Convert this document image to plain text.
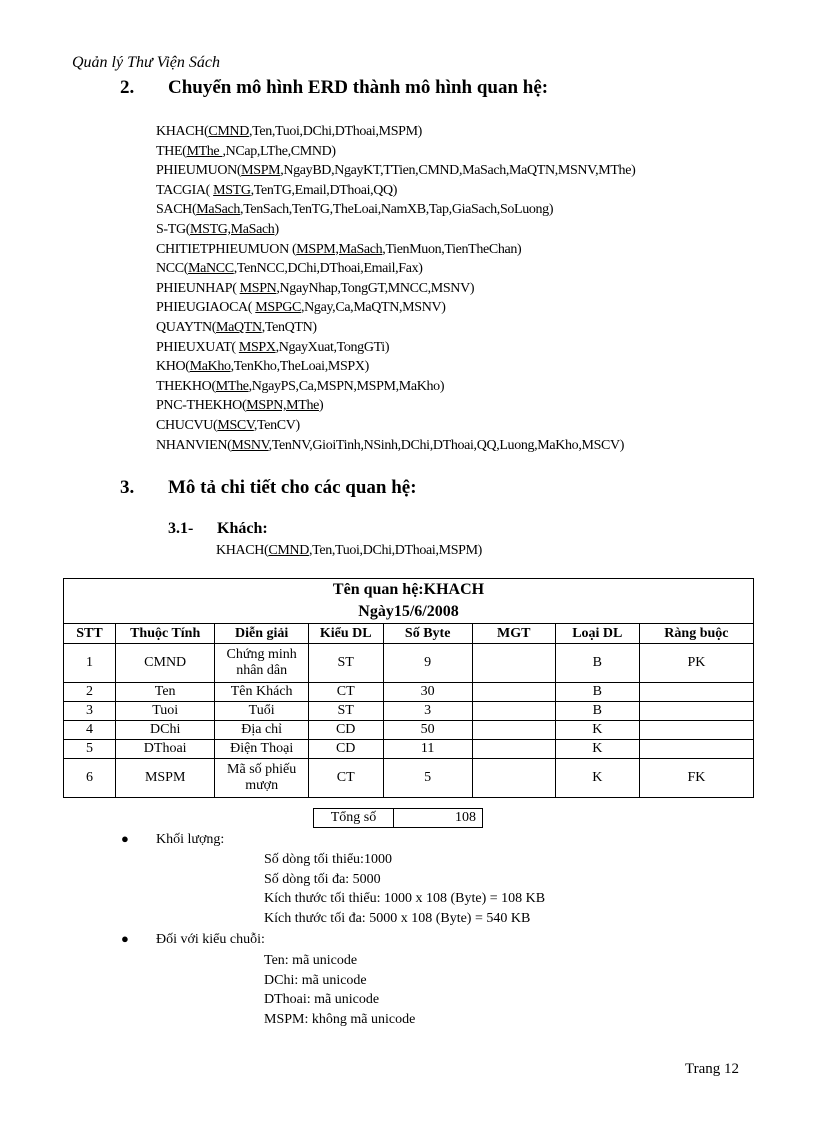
Quản lý Thư Viện Sách
2. Chuyển mô hình ERD thành mô hình quan hệ:
KHACH(CMND,Ten,Tuoi,DChi,DThoai,MSPM)
THE(MThe ,NCap,LThe,CMND)
PHIEUMUON(MSPM,NgayBD,NgayKT,TTien,CMND,MaSach,MaQTN,MSNV,MThe)
TACGIA( MSTG,TenTG,Email,DThoai,QQ)
SACH(MaSach,TenSach,TenTG,TheLoai,NamXB,Tap,GiaSach,SoLuong)
S-TG(MSTG,MaSach)
CHITIETPHIEUMUON (MSPM,MaSach,TienMuon,TienTheChan)
NCC(MaNCC,TenNCC,DChi,DThoai,Email,Fax)
PHIEUNHAP( MSPN,NgayNhap,TongGT,MNCC,MSNV)
PHIEUGIAOCA( MSPGC,Ngay,Ca,MaQTN,MSNV)
QUAYTN(MaQTN,TenQTN)
PHIEUXUAT( MSPX,NgayXuat,TongGTi)
KHO(MaKho,TenKho,TheLoai,MSPX)
THEKHO(MThe,NgayPS,Ca,MSPN,MSPM,MaKho)
PNC-THEKHO(MSPN,MThe)
CHUCVU(MSCV,TenCV)
NHANVIEN(MSNV,TenNV,GioiTinh,NSinh,DChi,DThoai,QQ,Luong,MaKho,MSCV)
3. Mô tả chi tiết cho các quan hệ:
3.1- Khách:
KHACH(CMND,Ten,Tuoi,DChi,DThoai,MSPM)
Tên quan hệ:KHACH							
Ngày15/6/2008							
STT	Thuộc Tính	Diễn giải	Kiểu DL	Số Byte	MGT	Loại DL	Ràng buộc
1	CMND	Chứng minh nhân dân	ST	9		B	PK
2	Ten	Tên Khách	CT	30		B	
3	Tuoi	Tuổi	ST	3		B	
4	DChi	Địa chỉ	CD	50		K	
5	DThoai	Điện Thoại	CD	11		K	
6	MSPM	Mã số phiếu mượn	CT	5		K	FK
Tổng số	108
● Khối lượng:
Số dòng tối thiểu:1000
Số dòng tối đa: 5000
Kích thước tối thiểu: 1000 x 108 (Byte) = 108 KB
Kích thước tối đa: 5000 x 108 (Byte) = 540 KB
● Đối với kiểu chuỗi:
Ten: mã unicode
DChi: mã unicode
DThoai: mã unicode
MSPM: không mã unicode
Trang 12
